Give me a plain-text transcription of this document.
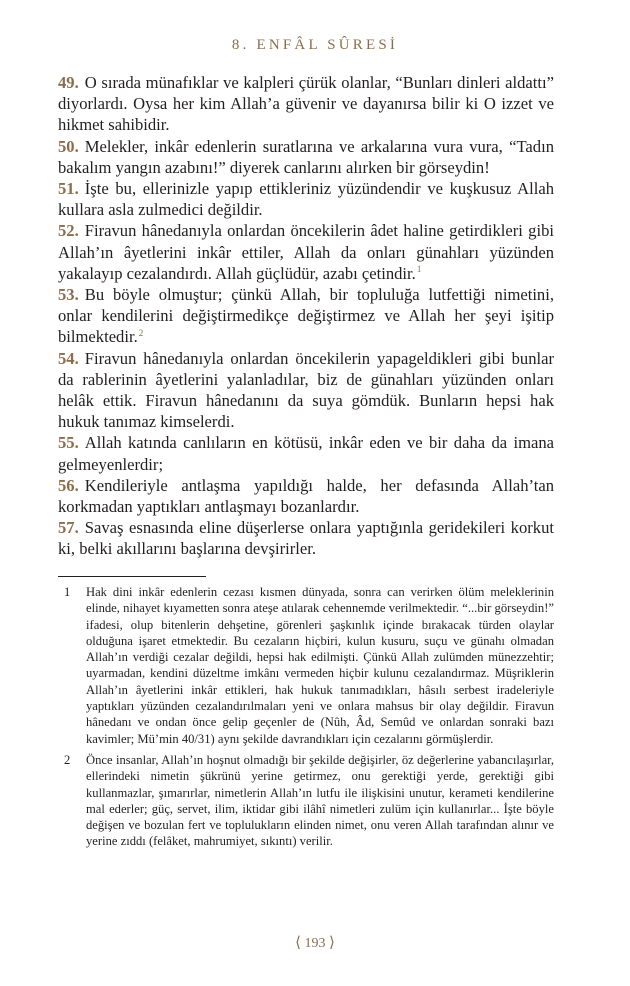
8. ENFÂL SÛRESİ

49. O sırada münafıklar ve kalpleri çürük olanlar, “Bunları dinleri aldattı” diyorlardı. Oysa her kim Allah’a güvenir ve dayanırsa bilir ki O izzet ve hikmet sahibidir.

50. Melekler, inkâr edenlerin suratlarına ve arkalarına vura vura, “Tadın bakalım yangın azabını!” diyerek canlarını alırken bir görseydin!

51. İşte bu, ellerinizle yapıp ettikleriniz yüzündendir ve kuşkusuz Allah kullara asla zulmedici değildir.

52. Firavun hânedanıyla onlardan öncekilerin âdet haline getirdikleri gibi Allah’ın âyetlerini inkâr ettiler, Allah da onları günahları yüzünden yakalayıp cezalandırdı. Allah güçlüdür, azabı çetindir.$^1$

53. Bu böyle olmuştur; çünkü Allah, bir topluluğa lutfettiği nimetini, onlar kendilerini değiştirmedikçe değiştirmez ve Allah her şeyi işitip bilmektedir.$^2$

54. Firavun hânedanıyla onlardan öncekilerin yapageldikleri gibi bunlar da rablerinin âyetlerini yalanladılar, biz de günahları yüzünden onları helâk ettik. Firavun hânedanını da suya gömdük. Bunların hepsi hak hukuk tanımaz kimselerdi.

55. Allah katında canlıların en kötüsü, inkâr eden ve bir daha da imana gelmeyenlerdir;

56. Kendileriyle antlaşma yapıldığı halde, her defasında Allah’tan korkmadan yaptıkları antlaşmayı bozanlardır.

57. Savaş esnasında eline düşerlerse onlara yaptığınla geridekileri korkut ki, belki akıllarını başlarına devşirirler.

1 Hak dini inkâr edenlerin cezası kısmen dünyada, sonra can verirken ölüm meleklerinin elinde, nihayet kıyametten sonra ateşe atılarak cehennemde verilmektedir. “...bir görseydin!” ifadesi, olup bitenlerin dehşetine, görenleri şaşkınlık içinde bırakacak türden olaylar olduğuna işaret etmektedir. Bu cezaların hiçbiri, kulun kusuru, suçu ve günahı olmadan Allah’ın verdiği cezalar değildi, hepsi hak edilmişti. Çünkü Allah zulümden münezzehtir; uyarmadan, kendini düzeltme imkânı vermeden hiçbir kulunu cezalandırmaz. Müşriklerin Allah’ın âyetlerini inkâr ettikleri, hak hukuk tanımadıkları, hâsılı serbest iradeleriyle yaptıkları yüzünden cezalandırılmaları yeni ve onlara mahsus bir olay değildir. Firavun hânedanı ve ondan önce gelip geçenler de (Nûh, Âd, Semûd ve onlardan sonraki bazı kavimler; Mü’min 40/31) aynı şekilde davrandıkları için cezalarını görmüşlerdir.

2 Önce insanlar, Allah’ın hoşnut olmadığı bir şekilde değişirler, öz değerlerine yabancılaşırlar, ellerindeki nimetin şükrünü yerine getirmez, onu gerektiği yerde, gerektiği gibi kullanmazlar, şımarırlar, nimetlerin Allah’ın lutfu ile ilişkisini unutur, kerameti kendilerine mal ederler; güç, servet, ilim, iktidar gibi ilâhî nimetleri zulüm için kullanırlar... İşte böyle değişen ve bozulan fert ve toplulukların elinden nimet, onu veren Allah tarafından alınır ve yerine zıddı (felâket, mahrumiyet, sıkıntı) verilir.

⟨ 193 ⟩
